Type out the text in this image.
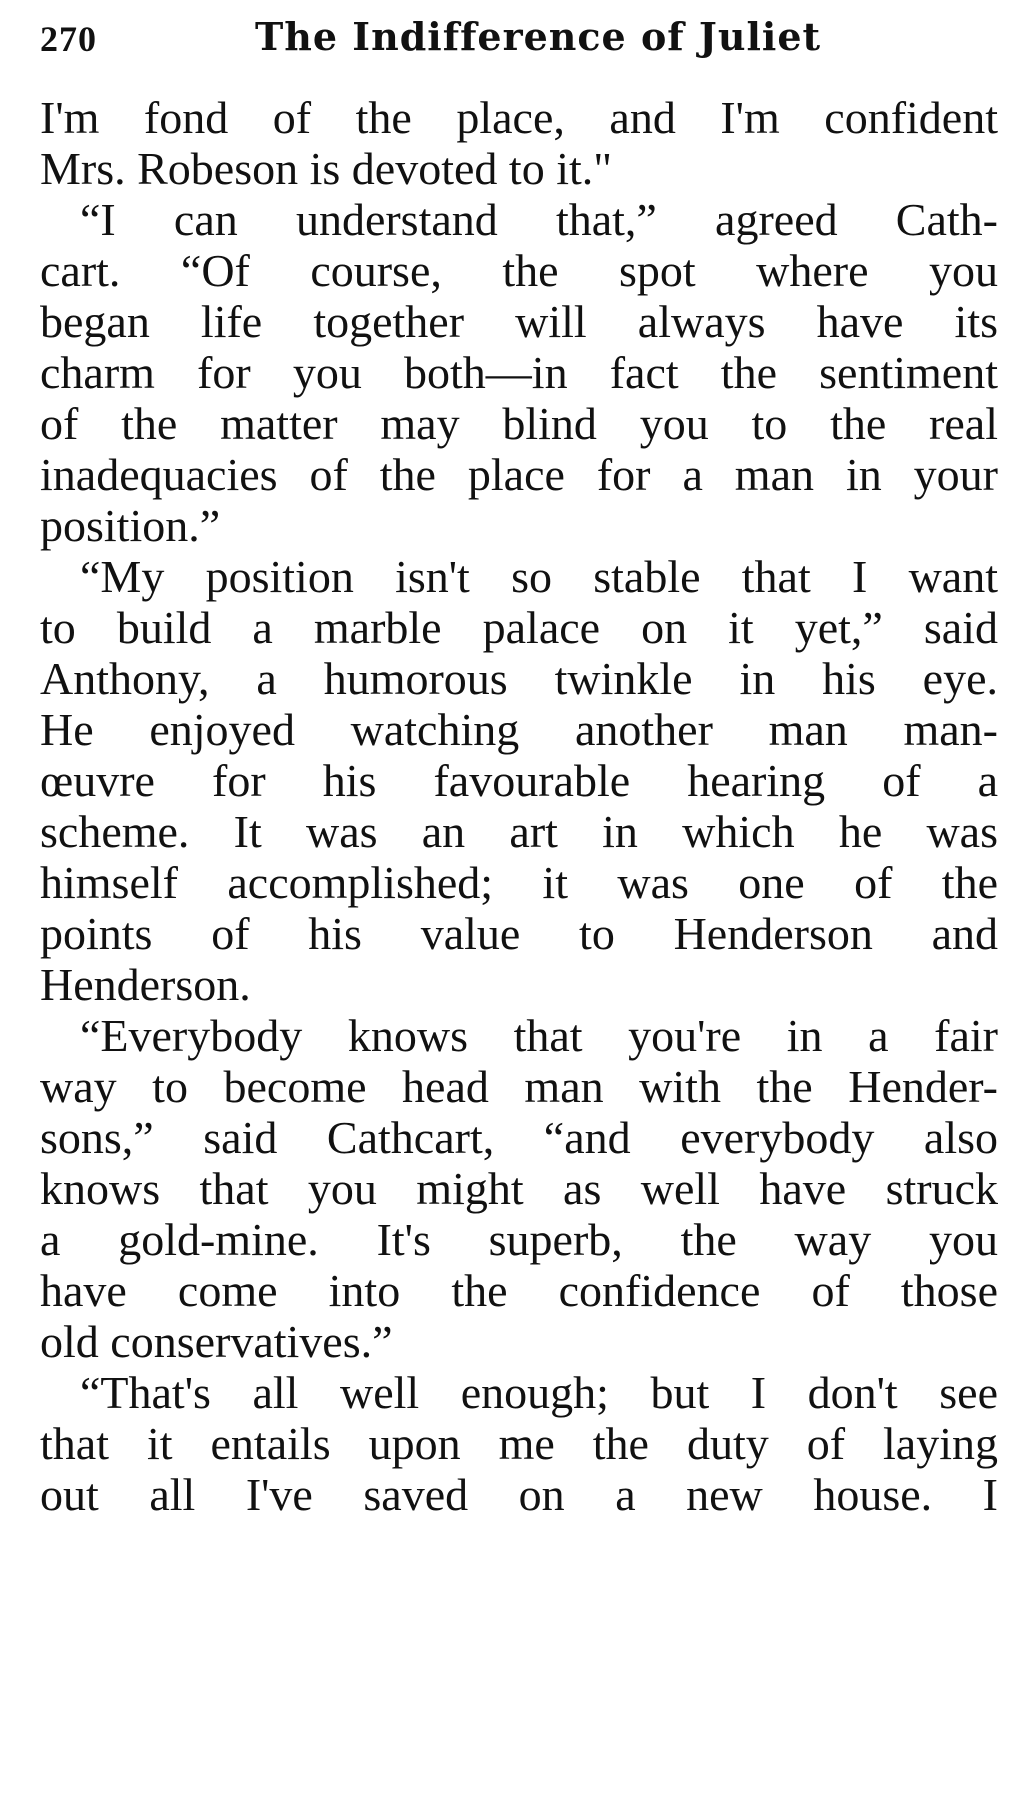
270	The Indifference of Juliet
I'm fond of the place, and I'm confident
Mrs. Robeson is devoted to it."
“I can understand that,” agreed Cath-
cart. “Of course, the spot where you
began life together will always have its
charm for you both—in fact the sentiment
of the matter may blind you to the real
inadequacies of the place for a man in your
position.”
“My position isn't so stable that I want
to build a marble palace on it yet,” said
Anthony, a humorous twinkle in his eye.
He enjoyed watching another man man-
œuvre for his favourable hearing of a
scheme. It was an art in which he was
himself accomplished; it was one of the
points of his value to Henderson and
Henderson.
“Everybody knows that you're in a fair
way to become head man with the Hender-
sons,” said Cathcart, “and everybody also
knows that you might as well have struck
a gold-mine. It's superb, the way you
have come into the confidence of those
old conservatives.”
“That's all well enough; but I don't see
that it entails upon me the duty of laying
out all I've saved on a new house. I
